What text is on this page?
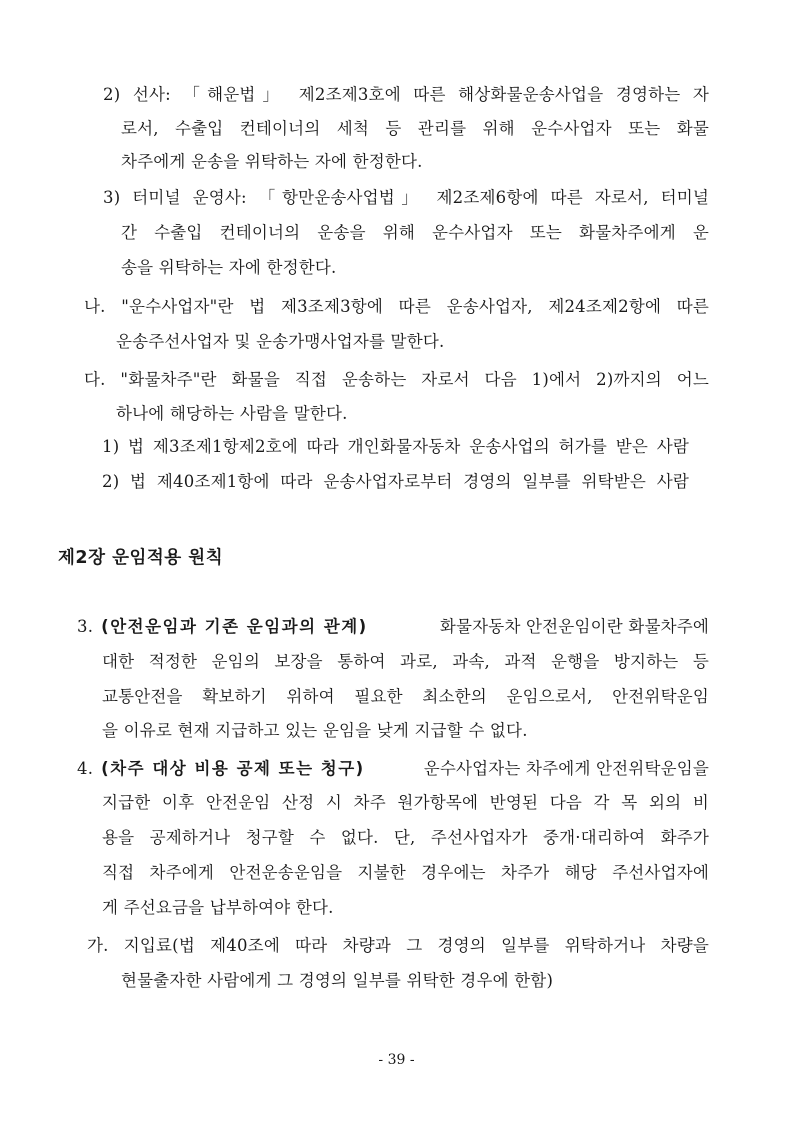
2) 선사: 「해운법」 제2조제3호에 따른 해상화물운송사업을 경영하는 자
로서, 수출입 컨테이너의 세척 등 관리를 위해 운수사업자 또는 화물
차주에게 운송을 위탁하는 자에 한정한다.
3) 터미널 운영사: 「항만운송사업법」 제2조제6항에 따른 자로서, 터미널
간 수출입 컨테이너의 운송을 위해 운수사업자 또는 화물차주에게 운
송을 위탁하는 자에 한정한다.
나. "운수사업자"란 법 제3조제3항에 따른 운송사업자, 제24조제2항에 따른
운송주선사업자 및 운송가맹사업자를 말한다.
다. "화물차주"란 화물을 직접 운송하는 자로서 다음 1)에서 2)까지의 어느
하나에 해당하는 사람을 말한다.
1) 법 제3조제1항제2호에 따라 개인화물자동차 운송사업의 허가를 받은 사람
2) 법 제40조제1항에 따라 운송사업자로부터 경영의 일부를 위탁받은 사람
제2장 운임적용 원칙
3. (안전운임과 기존 운임과의 관계)	화물자동차 안전운임이란 화물차주에
대한 적정한 운임의 보장을 통하여 과로, 과속, 과적 운행을 방지하는 등
교통안전을 확보하기 위하여 필요한 최소한의 운임으로서, 안전위탁운임
을 이유로 현재 지급하고 있는 운임을 낮게 지급할 수 없다.
4. (차주 대상 비용 공제 또는 청구)	운수사업자는 차주에게 안전위탁운임을
지급한 이후 안전운임 산정 시 차주 원가항목에 반영된 다음 각 목 외의 비
용을 공제하거나 청구할 수 없다. 단, 주선사업자가 중개·대리하여 화주가
직접 차주에게 안전운송운임을 지불한 경우에는 차주가 해당 주선사업자에
게 주선요금을 납부하여야 한다.
가. 지입료(법 제40조에 따라 차량과 그 경영의 일부를 위탁하거나 차량을
현물출자한 사람에게 그 경영의 일부를 위탁한 경우에 한함)
- 39 -
